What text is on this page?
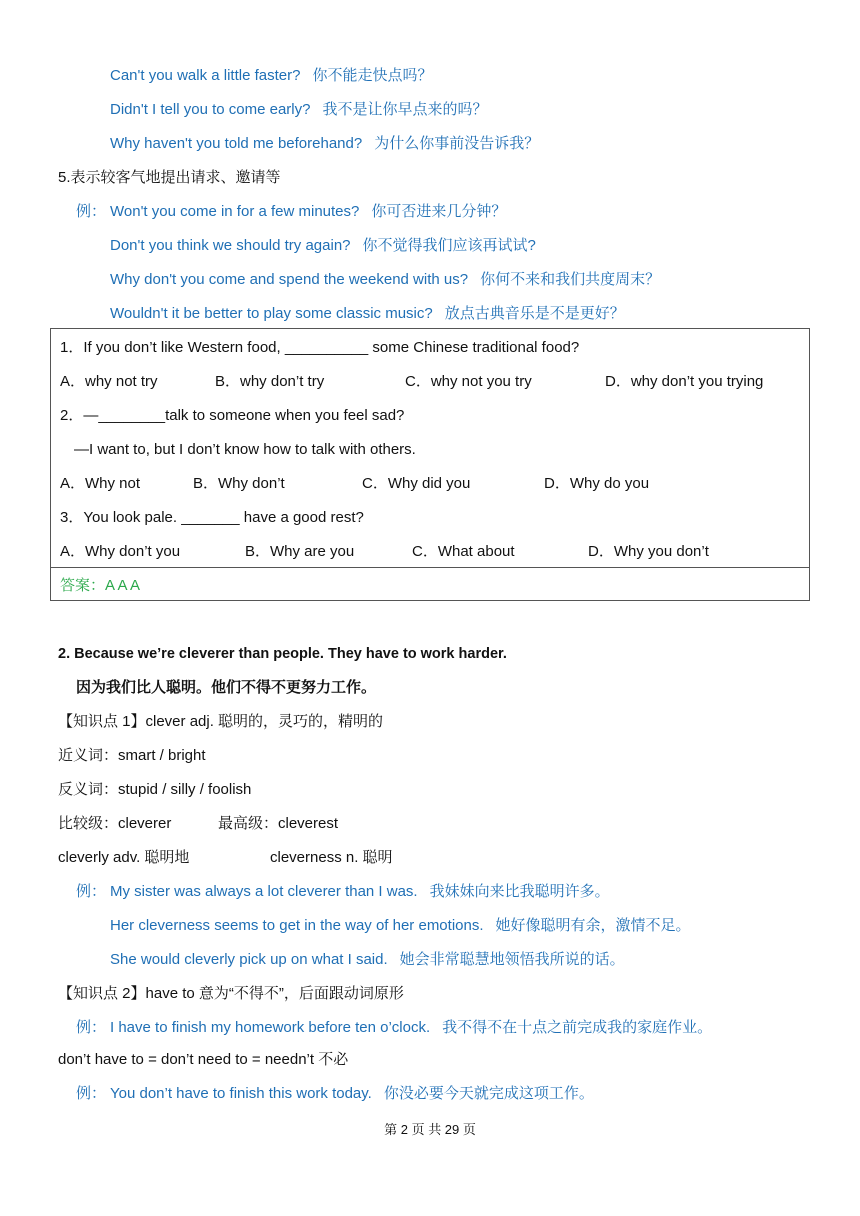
Can't you walk a little faster? 你不能走快点吗？
Didn't I tell you to come early? 我不是让你早点来的吗？
Why haven't you told me beforehand? 为什么你事前没告诉我？
5.表示较客气地提出请求、邀请等
例： Won't you come in for a few minutes? 你可否进来几分钟？
Don't you think we should try again? 你不觉得我们应该再试试?
Why don't you come and spend the weekend with us? 你何不来和我们共度周末？
Wouldn't it be better to play some classic music? 放点古典音乐是不是更好？
1．If you don’t like Western food, __________ some Chinese traditional food?
A．why not try	B．why don’t try	C．why not you try	D．why don’t you trying
2．—________talk to someone when you feel sad?
—I want to, but I don’t know how to talk with others.
A．Why not	B．Why don’t	C．Why did you	D．Why do you
3．You look pale. _______ have a good rest?
A．Why don’t you	B．Why are you	C．What about	D．Why you don’t
答案：A A A
2. Because we’re cleverer than people. They have to work harder.
因为我们比人聪明。他们不得不更努力工作。
【知识点 1】clever adj. 聪明的，灵巧的，精明的
近义词：smart / bright
反义词：stupid / silly / foolish
比较级：cleverer	最高级：cleverest
cleverly adv. 聪明地	cleverness n. 聪明
例： My sister was always a lot cleverer than I was. 我妹妹向来比我聪明许多。
Her cleverness seems to get in the way of her emotions. 她好像聪明有余，激情不足。
She would cleverly pick up on what I said. 她会非常聪慧地领悟我所说的话。
【知识点 2】have to 意为“不得不”，后面跟动词原形
例： I have to finish my homework before ten o’clock. 我不得不在十点之前完成我的家庭作业。
don’t have to = don’t need to = needn’t 不必
例： You don’t have to finish this work today. 你没必要今天就完成这项工作。
第 2 页 共 29 页
